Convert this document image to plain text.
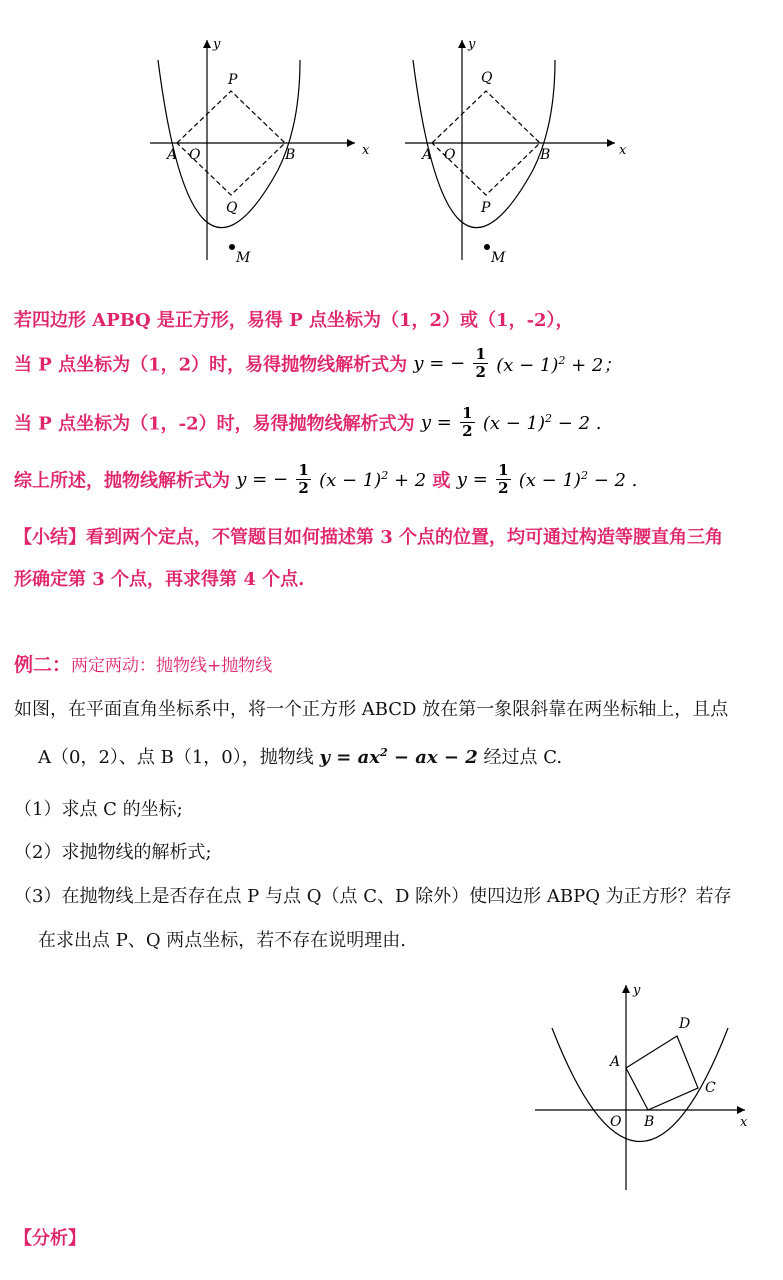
y
x
P
Q
A O	B
M
y
x
Q
P
A O	B
M
若四边形 APBQ 是正方形，易得 P 点坐标为（1，2）或（1，-2），
当 P 点坐标为（1，2）时，易得抛物线解析式为 y = − $\frac{1}{2} (x - 1)^2 + 2$；
当 P 点坐标为（1，-2）时，易得抛物线解析式为 $y = \frac{1}{2} (x - 1)^2 - 2$ .
综上所述，抛物线解析式为 y = − $\frac{1}{2} (x - 1)^2 + 2$ 或 $y = \frac{1}{2} (x - 1)^2 - 2$ .
【小结】看到两个定点，不管题目如何描述第 3 个点的位置，均可通过构造等腰直角三角
形确定第 3 个点，再求得第 4 个点.
例二：两定两动：抛物线+抛物线
如图，在平面直角坐标系中，将一个正方形 ABCD 放在第一象限斜靠在两坐标轴上，且点
A（0，2）、点 B（1，0），抛物线 $y = ax^2$ − ax − 2 经过点 C.
（1）求点 C 的坐标;
（2）求抛物线的解析式;
（3）在抛物线上是否存在点 P 与点 Q（点 C、D 除外）使四边形 ABPQ 为正方形？若存
在求出点 P、Q 两点坐标，若不存在说明理由.
y
x
D
A
C
O B
【分析】
